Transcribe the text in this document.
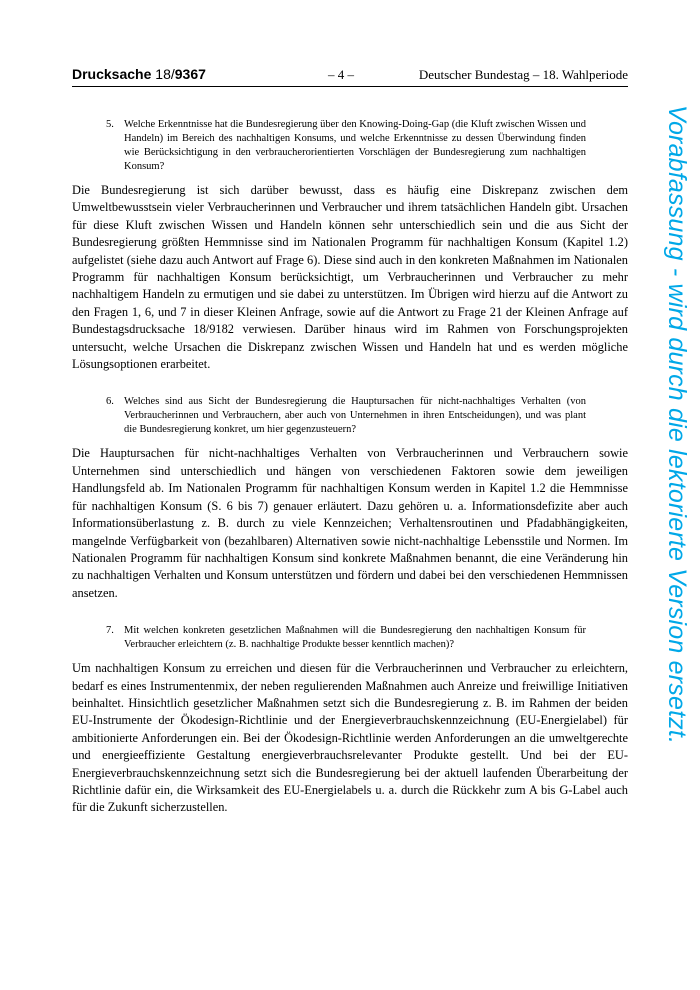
Drucksache 18/9367	– 4 –	Deutscher Bundestag – 18. Wahlperiode
5. Welche Erkenntnisse hat die Bundesregierung über den Knowing-Doing-Gap (die Kluft zwischen Wissen und Handeln) im Bereich des nachhaltigen Konsums, und welche Erkenntnisse zu dessen Überwindung finden wie Berücksichtigung in den verbraucherorientierten Vorschlägen der Bundesregierung zum nachhaltigen Konsum?

Die Bundesregierung ist sich darüber bewusst, dass es häufig eine Diskrepanz zwischen dem Umweltbewusstsein vieler Verbraucherinnen und Verbraucher und ihrem tatsächlichen Handeln gibt. Ursachen für diese Kluft zwischen Wissen und Handeln können sehr unterschiedlich sein und die aus Sicht der Bundesregierung größten Hemmnisse sind im Nationalen Programm für nachhaltigen Konsum (Kapitel 1.2) aufgelistet (siehe dazu auch Antwort auf Frage 6). Diese sind auch in den konkreten Maßnahmen im Nationalen Programm für nachhaltigen Konsum berücksichtigt, um Verbraucherinnen und Verbraucher zu mehr nachhaltigem Handeln zu ermutigen und sie dabei zu unterstützen. Im Übrigen wird hierzu auf die Antwort zu den Fragen 1, 6, und 7 in dieser Kleinen Anfrage, sowie auf die Antwort zu Frage 21 der Kleinen Anfrage auf Bundestagsdrucksache 18/9182 verwiesen. Darüber hinaus wird im Rahmen von Forschungsprojekten untersucht, welche Ursachen die Diskrepanz zwischen Wissen und Handeln hat und es werden mögliche Lösungsoptionen erarbeitet.

6. Welches sind aus Sicht der Bundesregierung die Hauptursachen für nicht-nachhaltiges Verhalten (von Verbraucherinnen und Verbrauchern, aber auch von Unternehmen in ihren Entscheidungen), und was plant die Bundesregierung konkret, um hier gegenzusteuern?

Die Hauptursachen für nicht-nachhaltiges Verhalten von Verbraucherinnen und Verbrauchern sowie Unternehmen sind unterschiedlich und hängen von verschiedenen Faktoren sowie dem jeweiligen Handlungsfeld ab. Im Nationalen Programm für nachhaltigen Konsum werden in Kapitel 1.2 die Hemmnisse für nachhaltigen Konsum (S. 6 bis 7) genauer erläutert. Dazu gehören u. a. Informationsdefizite aber auch Informationsüberlastung z. B. durch zu viele Kennzeichen; Verhaltensroutinen und Pfadabhängigkeiten, mangelnde Verfügbarkeit von (bezahlbaren) Alternativen sowie nicht-nachhaltige Lebensstile und Normen. Im Nationalen Programm für nachhaltigen Konsum sind konkrete Maßnahmen benannt, die eine Veränderung hin zu nachhaltigen Verhalten und Konsum unterstützen und fördern und dabei bei den verschiedenen Hemmnissen ansetzen.

7. Mit welchen konkreten gesetzlichen Maßnahmen will die Bundesregierung den nachhaltigen Konsum für Verbraucher erleichtern (z. B. nachhaltige Produkte besser kenntlich machen)?

Um nachhaltigen Konsum zu erreichen und diesen für die Verbraucherinnen und Verbraucher zu erleichtern, bedarf es eines Instrumentenmix, der neben regulierenden Maßnahmen auch Anreize und freiwillige Initiativen beinhaltet. Hinsichtlich gesetzlicher Maßnahmen setzt sich die Bundesregierung z. B. im Rahmen der beiden EU-Instrumente der Ökodesign-Richtlinie und der Energieverbrauchskennzeichnung (EU-Energielabel) für ambitionierte Anforderungen ein. Bei der Ökodesign-Richtlinie werden Anforderungen an die umweltgerechte und energieeffiziente Gestaltung energieverbrauchsrelevanter Produkte gestellt. Und bei der EU-Energieverbrauchskennzeichnung setzt sich die Bundesregierung bei der aktuell laufenden Überarbeitung der Richtlinie dafür ein, die Wirksamkeit des EU-Energielabels u. a. durch die Rückkehr zum A bis G-Label auch für die Zukunft sicherzustellen.

Vorabfassung - wird durch die lektorierte Version ersetzt.
